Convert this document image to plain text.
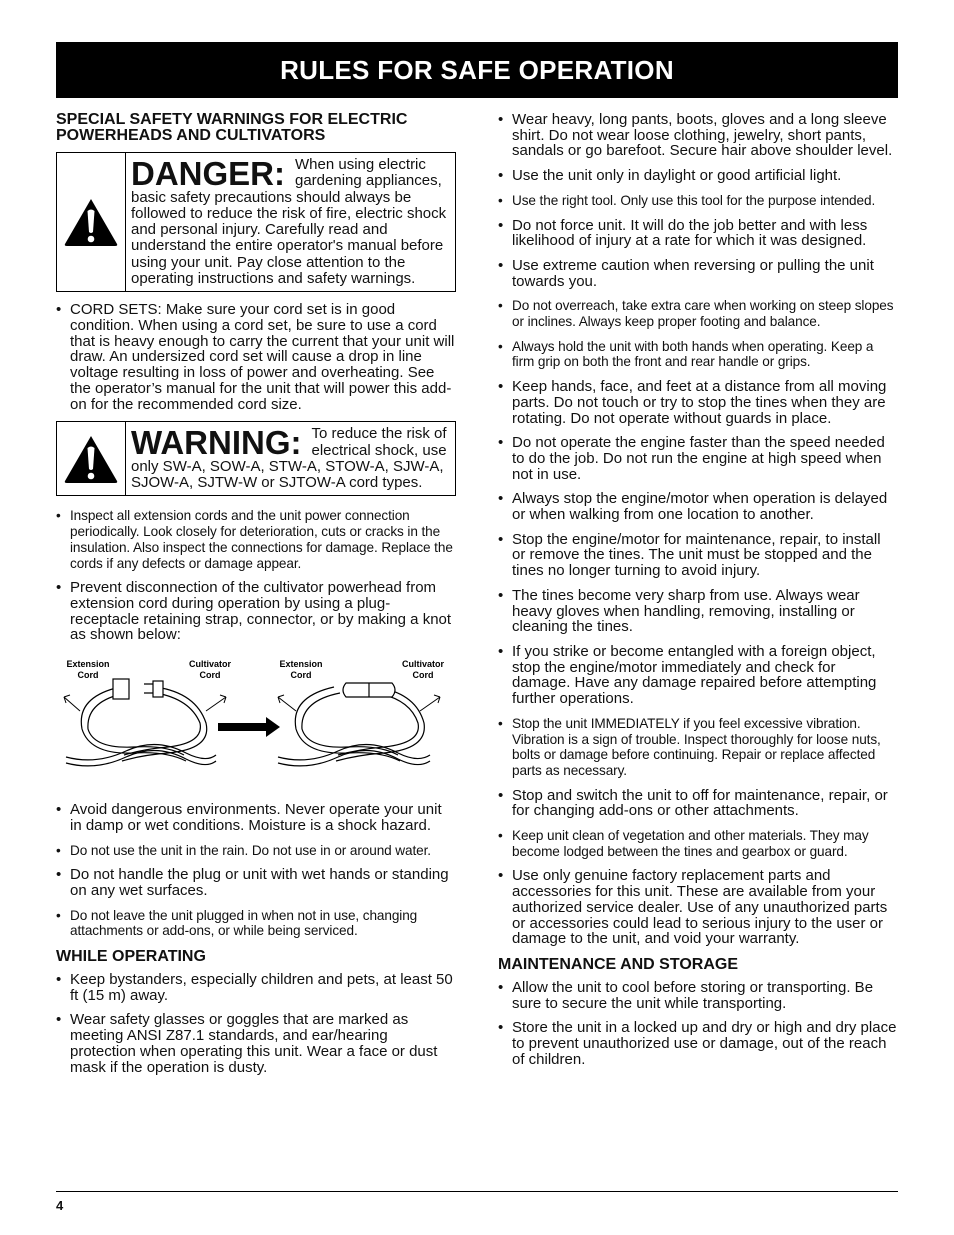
RULES FOR SAFE OPERATION
SPECIAL SAFETY WARNINGS FOR ELECTRIC POWERHEADS AND CULTIVATORS
DANGER: When using electric gardening appliances, basic safety precautions should always be followed to reduce the risk of fire, electric shock and personal injury. Carefully read and understand the entire operator's manual before using your unit. Pay close attention to the operating instructions and safety warnings.
• CORD SETS: Make sure your cord set is in good condition. When using a cord set, be sure to use a cord that is heavy enough to carry the current that your unit will draw. An undersized cord set will cause a drop in line voltage resulting in loss of power and overheating. See the operator’s manual for the unit that will power this add-on for the recommended cord size.
WARNING: To reduce the risk of electrical shock, use only SW-A, SOW-A, STW-A, STOW-A, SJW-A, SJOW-A, SJTW-W or SJTOW-A cord types.
• Inspect all extension cords and the unit power connection periodically. Look closely for deterioration, cuts or cracks in the insulation. Also inspect the connections for damage. Replace the cords if any defects or damage appear.
• Prevent disconnection of the cultivator powerhead from extension cord during operation by using a plug-receptacle retaining strap, connector, or by making a knot as shown below:
Extension
Cord
Cultivator
Cord
Extension
Cord
Cultivator
Cord
• Avoid dangerous environments. Never operate your unit in damp or wet conditions. Moisture is a shock hazard.
• Do not use the unit in the rain. Do not use in or around water.
• Do not handle the plug or unit with wet hands or standing on any wet surfaces.
• Do not leave the unit plugged in when not in use, changing attachments or add-ons, or while being serviced.
WHILE OPERATING
• Keep bystanders, especially children and pets, at least 50 ft (15 m) away.
• Wear safety glasses or goggles that are marked as meeting ANSI Z87.1 standards, and ear/hearing protection when operating this unit. Wear a face or dust mask if the operation is dusty.
• Wear heavy, long pants, boots, gloves and a long sleeve shirt. Do not wear loose clothing, jewelry, short pants, sandals or go barefoot. Secure hair above shoulder level.
• Use the unit only in daylight or good artificial light.
• Use the right tool. Only use this tool for the purpose intended.
• Do not force unit. It will do the job better and with less likelihood of injury at a rate for which it was designed.
• Use extreme caution when reversing or pulling the unit towards you.
• Do not overreach, take extra care when working on steep slopes or inclines. Always keep proper footing and balance.
• Always hold the unit with both hands when operating. Keep a firm grip on both the front and rear handle or grips.
• Keep hands, face, and feet at a distance from all moving parts. Do not touch or try to stop the tines when they are rotating. Do not operate without guards in place.
• Do not operate the engine faster than the speed needed to do the job. Do not run the engine at high speed when not in use.
• Always stop the engine/motor when operation is delayed or when walking from one location to another.
• Stop the engine/motor for maintenance, repair, to install or remove the tines. The unit must be stopped and the tines no longer turning to avoid injury.
• The tines become very sharp from use. Always wear heavy gloves when handling, removing, installing or cleaning the tines.
• If you strike or become entangled with a foreign object, stop the engine/motor immediately and check for damage. Have any damage repaired before attempting further operations.
• Stop the unit IMMEDIATELY if you feel excessive vibration. Vibration is a sign of trouble. Inspect thoroughly for loose nuts, bolts or damage before continuing. Repair or replace affected parts as necessary.
• Stop and switch the unit to off for maintenance, repair, or for changing add-ons or other attachments.
• Keep unit clean of vegetation and other materials. They may become lodged between the tines and gearbox or guard.
• Use only genuine factory replacement parts and accessories for this unit. These are available from your authorized service dealer. Use of any unauthorized parts or accessories could lead to serious injury to the user or damage to the unit, and void your warranty.
MAINTENANCE AND STORAGE
• Allow the unit to cool before storing or transporting. Be sure to secure the unit while transporting.
• Store the unit in a locked up and dry or high and dry place to prevent unauthorized use or damage, out of the reach of children.
4
